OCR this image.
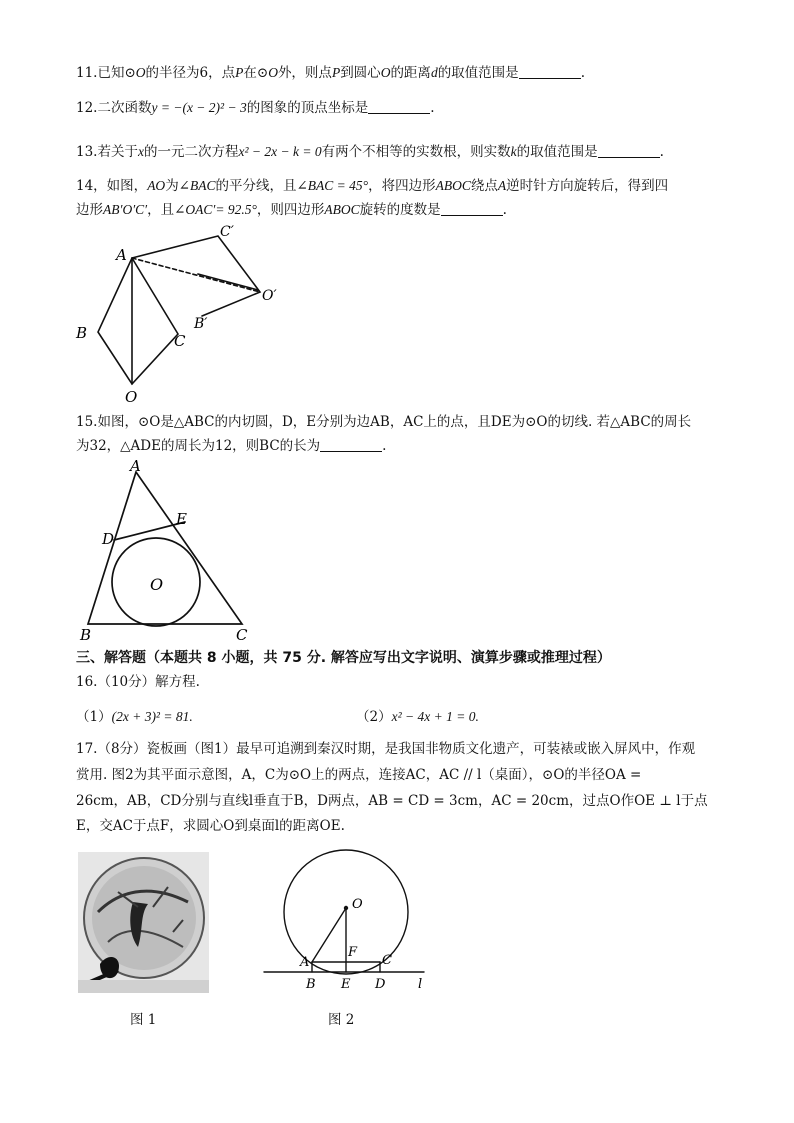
11.已知⊙O的半径为6，点P在⊙O外，则点P到圆心O的距离d的取值范围是	.
12.二次函数y = −(x − 2)² − 3的图象的顶点坐标是	.
13.若关于x的一元二次方程x² − 2x − k = 0有两个不相等的实数根，则实数k的取值范围是	.
14，如图，AO为∠BAC的平分线，且∠BAC = 45°，将四边形ABOC绕点A逆时针方向旋转后，得到四
边形AB′O′C′，且∠OAC′= 92.5°，则四边形ABOC旋转的度数是	.
A
B	C
O
C′
B′
O′
15.如图，⊙O是△ABC的内切圆，D，E分别为边AB，AC上的点，且DE为⊙O的切线. 若△ABC的周长
为32，△ADE的周长为12，则BC的长为	.
A
B	C
D
E
O
三、解答题（本题共 8 小题，共 75 分. 解答应写出文字说明、演算步骤或推理过程）
16.（10分）解方程.
（1）(2x + 3)² = 81.	（2）x² − 4x + 1 = 0.
17.（8分）瓷板画（图1）最早可追溯到秦汉时期，是我国非物质文化遗产，可装裱或嵌入屏风中，作观
赏用. 图2为其平面示意图，A，C为⊙O上的两点，连接AC，AC // l（桌面），⊙O的半径OA =
26cm，AB，CD分别与直线l垂直于B，D两点，AB = CD = 3cm，AC = 20cm，过点O作OE ⊥ l于点
E，交AC于点F，求圆心O到桌面l的距离OE.
O
F
A	C
B E D	l
图 1	图 2
